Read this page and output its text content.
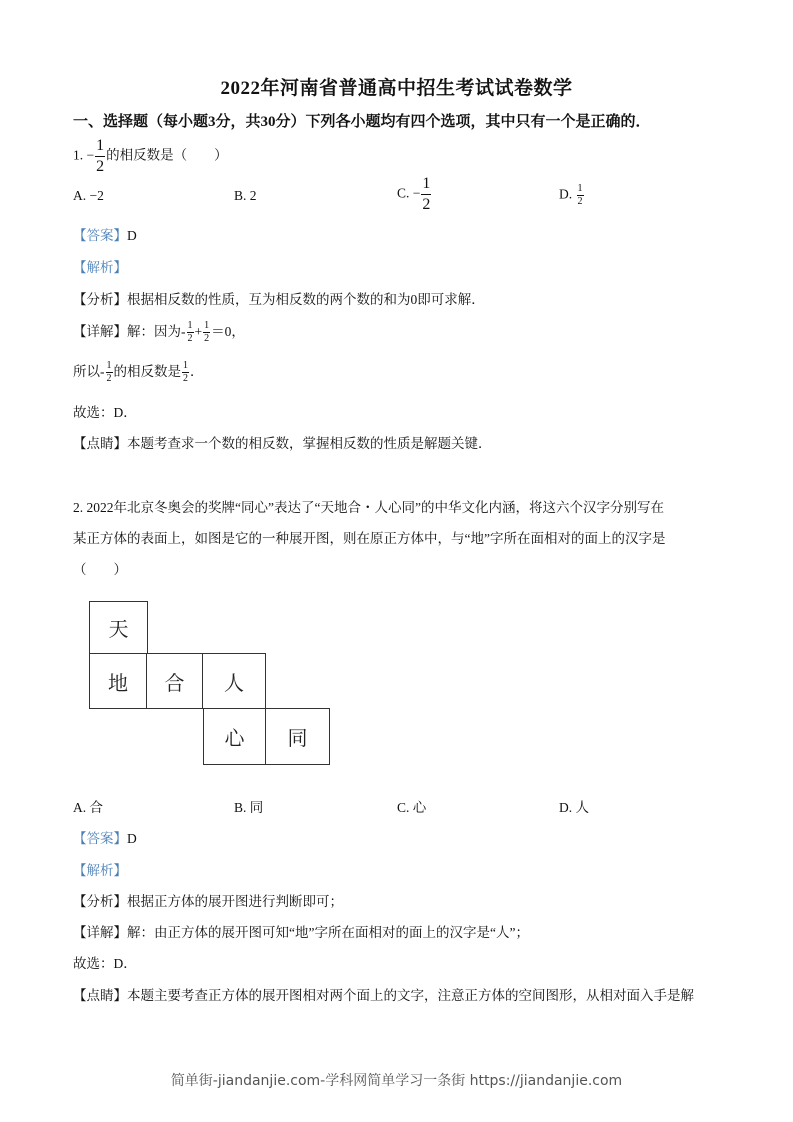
2022年河南省普通高中招生考试试卷数学
一、选择题（每小题3分，共30分）下列各小题均有四个选项，其中只有一个是正确的．
1. − $\frac{1}{2}$ 的相反数是（　　）
A. −2	B. 2	C. − $\frac{1}{2}$	D. $\frac{1}{2}$
【答案】D
【解析】
【分析】根据相反数的性质，互为相反数的两个数的和为0即可求解．
【详解】解：因为- $\frac{1}{2} + \frac{1}{2} =0$，
所以- $\frac{1}{2}$ 的相反数是 $\frac{1}{2}$ ．
故选：D．
【点睛】本题考查求一个数的相反数，掌握相反数的性质是解题关键．
2. 2022年北京冬奥会的奖牌“同心”表达了“天地合・人心同”的中华文化内涵，将这六个汉字分别写在
某正方体的表面上，如图是它的一种展开图，则在原正方体中，与“地”字所在面相对的面上的汉字是
（　　）
天
地	合	人
心	同
A. 合	B. 同	C. 心	D. 人
【答案】D
【解析】
【分析】根据正方体的展开图进行判断即可；
【详解】解：由正方体的展开图可知“地”字所在面相对的面上的汉字是“人”；
故选：D．
【点睛】本题主要考查正方体的展开图相对两个面上的文字，注意正方体的空间图形，从相对面入手是解
简单街-jiandanjie.com-学科网简单学习一条街 https://jiandanjie.com
